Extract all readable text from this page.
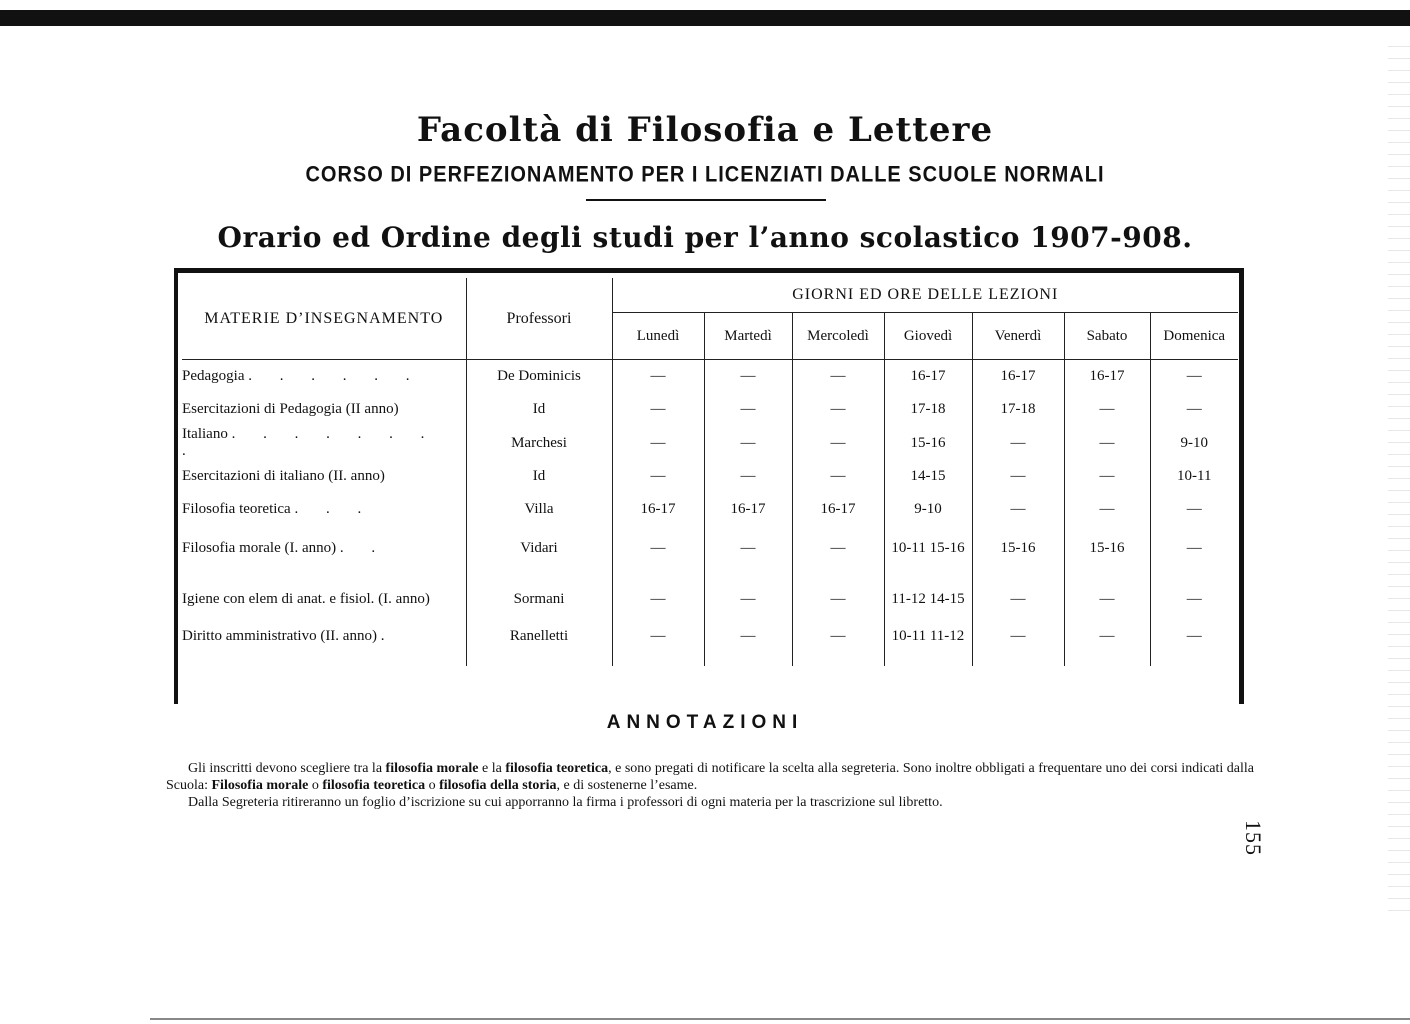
Facoltà di Filosofia e Lettere
CORSO DI PERFEZIONAMENTO PER I LICENZIATI DALLE SCUOLE NORMALI
Orario ed Ordine degli studi per l’anno scolastico 1907-908.
MATERIE D’INSEGNAMENTO	Professori	GIORNI ED ORE DELLE LEZIONI						
		Lunedì	Martedì	Mercoledì	Giovedì	Venerdì	Sabato	Domenica
Pedagogia . . . . . .	De Dominicis	—	—	—	16-17	16-17	16-17	—
Esercitazioni di Pedagogia (II anno)	Id	—	—	—	17-18	17-18	—	—
Italiano . . . . . . . .	Marchesi	—	—	—	15-16	—	—	9-10
Esercitazioni di italiano (II. anno)	Id	—	—	—	14-15	—	—	10-11
Filosofia teoretica . . .	Villa	16-17	16-17	16-17	9-10	—	—	—
Filosofia morale (I. anno) . .	Vidari	—	—	—	10-11 15-16	15-16	15-16	—
Igiene con elem di anat. e fisiol. (I. anno)	Sormani	—	—	—	11-12 14-15	—	—	—
Diritto amministrativo (II. anno) .	Ranelletti	—	—	—	10-11 11-12	—	—	—
ANNOTAZIONI

Gli inscritti devono scegliere tra la filosofia morale e la filosofia teoretica, e sono pregati di notificare la scelta alla segreteria. Sono inoltre obbligati a frequentare uno dei corsi indicati dalla Scuola: Filosofia morale o filosofia teoretica o filosofia della storia, e di sostenerne l’esame.

Dalla Segreteria ritireranno un foglio d’iscrizione su cui apporranno la firma i professori di ogni materia per la trascrizione sul libretto.

155
